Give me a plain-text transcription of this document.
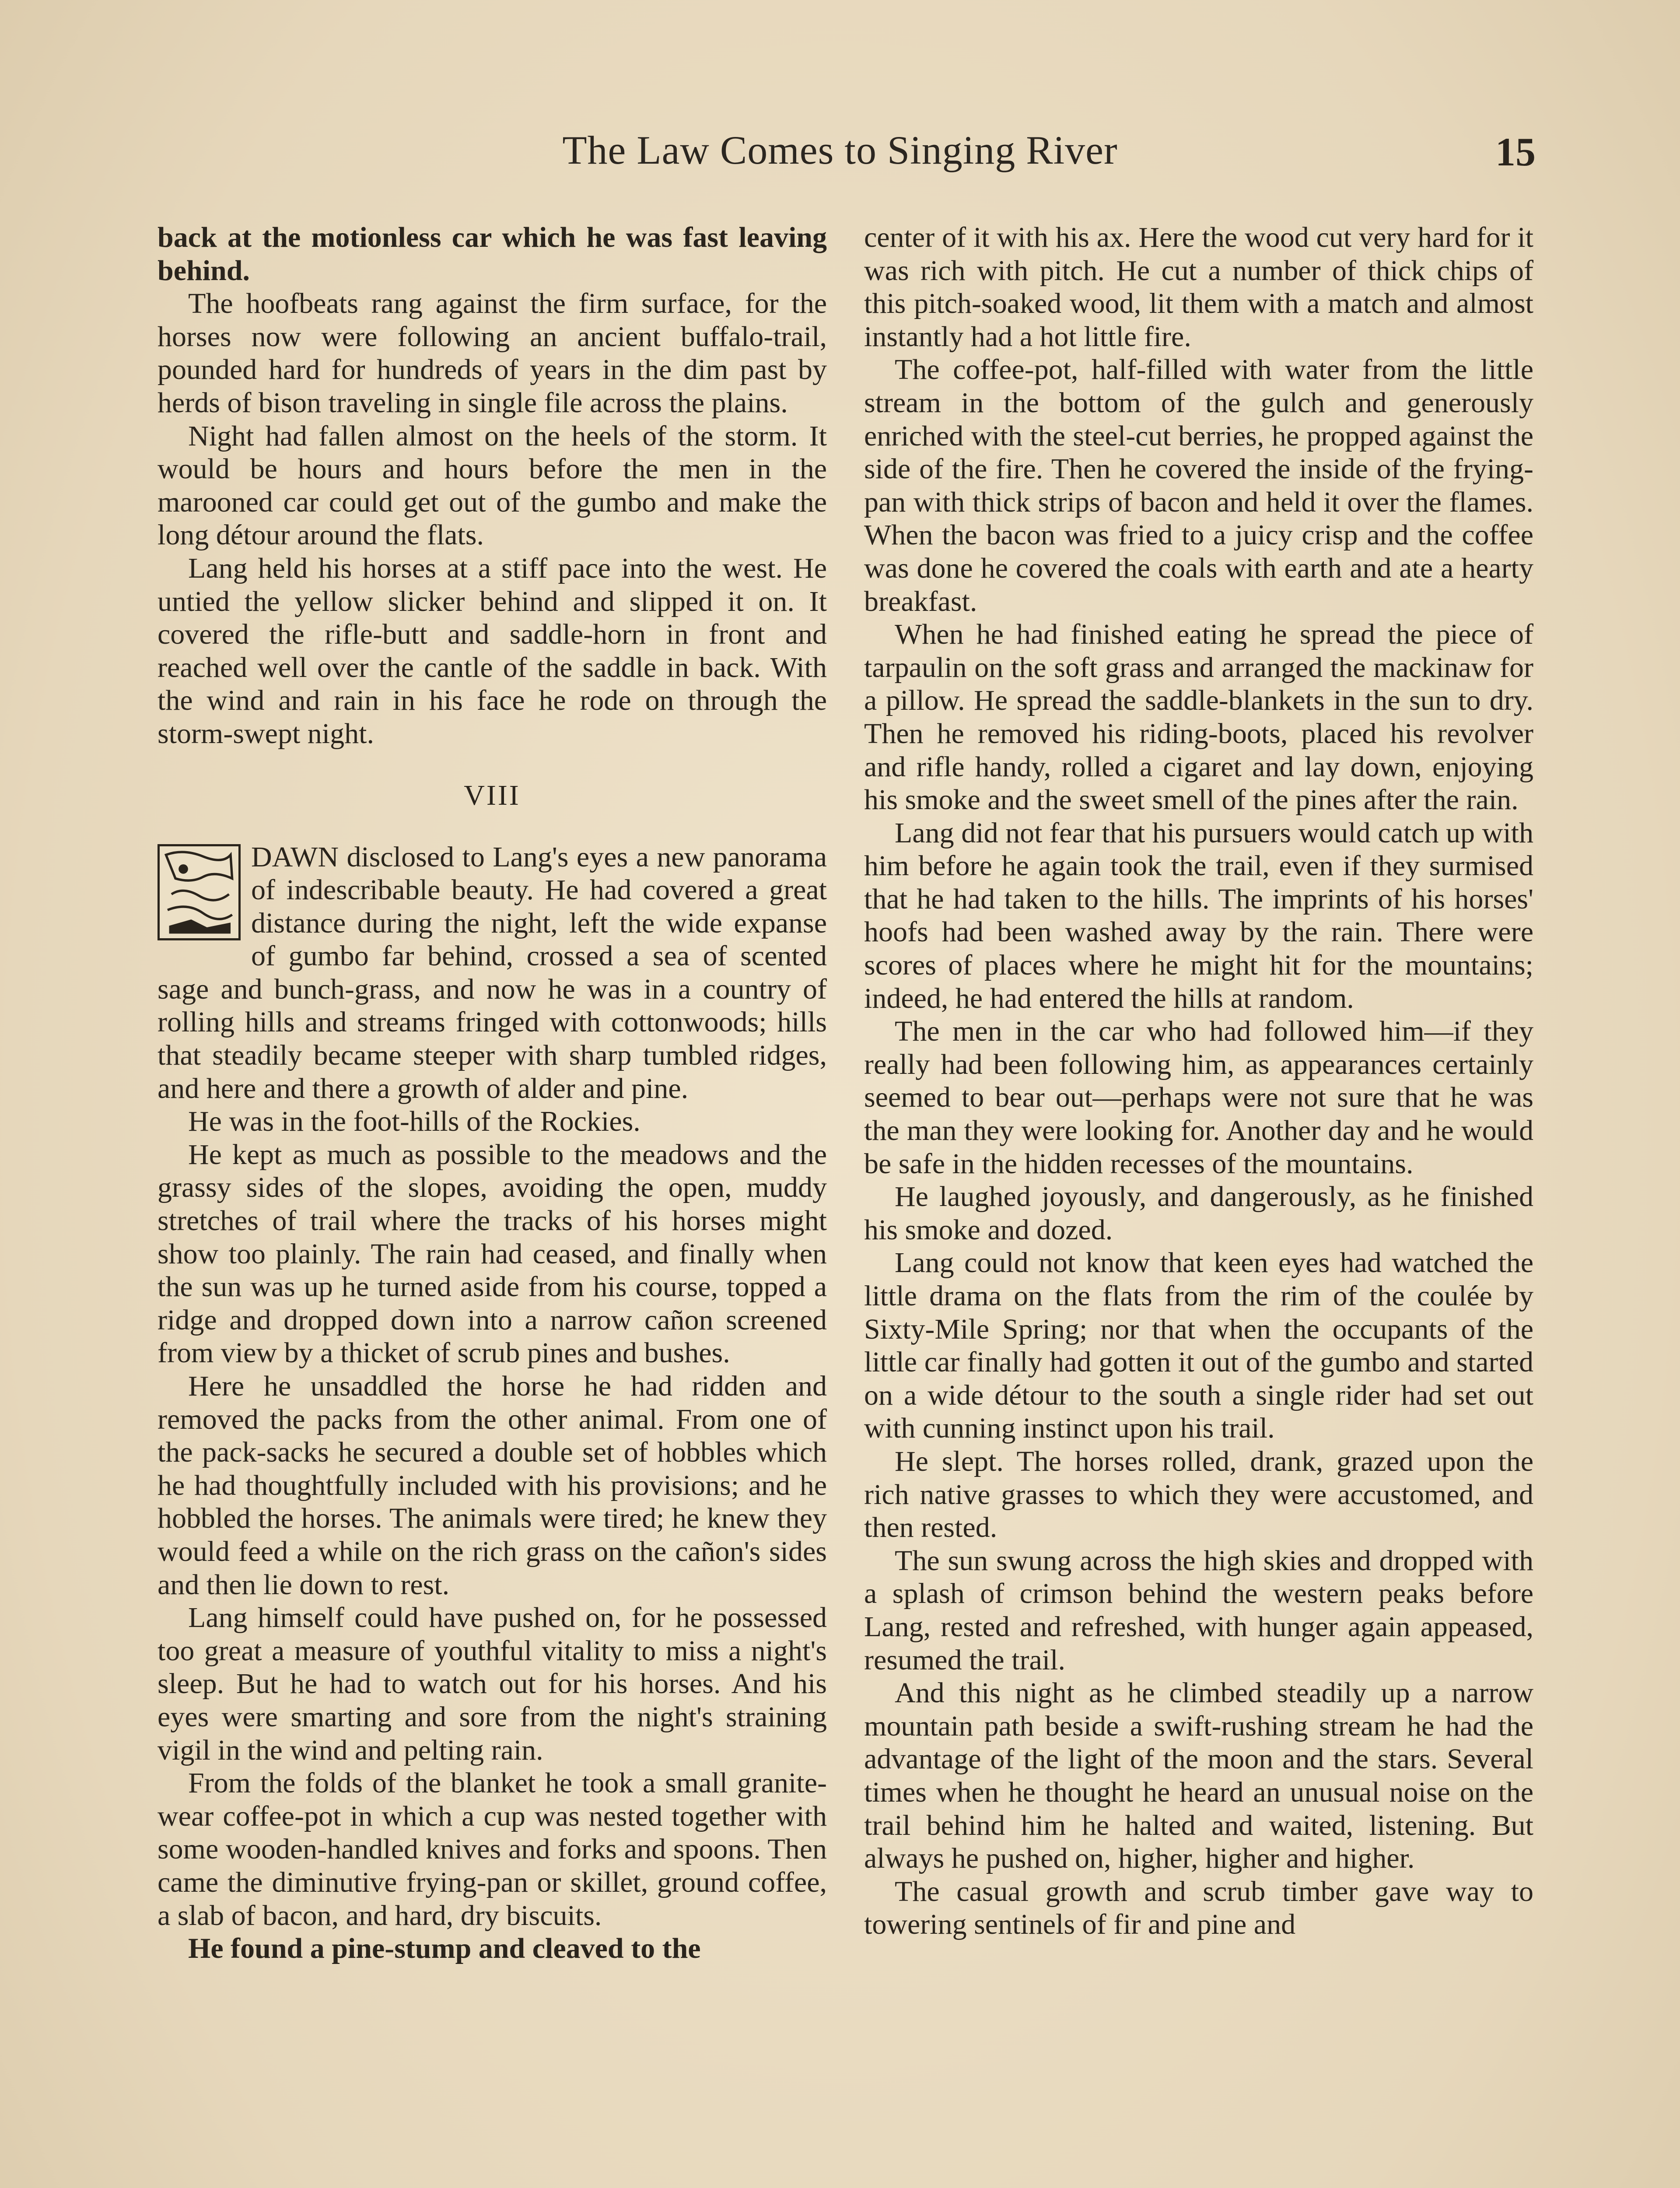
The Law Comes to Singing River	15

back at the motionless car which he was fast leaving behind.

The hoofbeats rang against the firm surface, for the horses now were following an ancient buffalo-trail, pounded hard for hundreds of years in the dim past by herds of bison traveling in single file across the plains.

Night had fallen almost on the heels of the storm. It would be hours and hours before the men in the marooned car could get out of the gumbo and make the long détour around the flats.

Lang held his horses at a stiff pace into the west. He untied the yellow slicker behind and slipped it on. It covered the rifle-butt and saddle-horn in front and reached well over the cantle of the saddle in back. With the wind and rain in his face he rode on through the storm-swept night.

VIII

DAWN disclosed to Lang's eyes a new panorama of indescribable beauty. He had covered a great distance during the night, left the wide expanse of gumbo far behind, crossed a sea of scented sage and bunch-grass, and now he was in a country of rolling hills and streams fringed with cottonwoods; hills that steadily became steeper with sharp tumbled ridges, and here and there a growth of alder and pine.

He was in the foot-hills of the Rockies.

He kept as much as possible to the meadows and the grassy sides of the slopes, avoiding the open, muddy stretches of trail where the tracks of his horses might show too plainly. The rain had ceased, and finally when the sun was up he turned aside from his course, topped a ridge and dropped down into a narrow cañon screened from view by a thicket of scrub pines and bushes.

Here he unsaddled the horse he had ridden and removed the packs from the other animal. From one of the pack-sacks he secured a double set of hobbles which he had thoughtfully included with his provisions; and he hobbled the horses. The animals were tired; he knew they would feed a while on the rich grass on the cañon's sides and then lie down to rest.

Lang himself could have pushed on, for he possessed too great a measure of youthful vitality to miss a night's sleep. But he had to watch out for his horses. And his eyes were smarting and sore from the night's straining vigil in the wind and pelting rain.

From the folds of the blanket he took a small granite-wear coffee-pot in which a cup was nested together with some wooden-handled knives and forks and spoons. Then came the diminutive frying-pan or skillet, ground coffee, a slab of bacon, and hard, dry biscuits.

He found a pine-stump and cleaved to the

center of it with his ax. Here the wood cut very hard for it was rich with pitch. He cut a number of thick chips of this pitch-soaked wood, lit them with a match and almost instantly had a hot little fire.

The coffee-pot, half-filled with water from the little stream in the bottom of the gulch and generously enriched with the steel-cut berries, he propped against the side of the fire. Then he covered the inside of the frying-pan with thick strips of bacon and held it over the flames. When the bacon was fried to a juicy crisp and the coffee was done he covered the coals with earth and ate a hearty breakfast.

When he had finished eating he spread the piece of tarpaulin on the soft grass and arranged the mackinaw for a pillow. He spread the saddle-blankets in the sun to dry. Then he removed his riding-boots, placed his revolver and rifle handy, rolled a cigaret and lay down, enjoying his smoke and the sweet smell of the pines after the rain.

Lang did not fear that his pursuers would catch up with him before he again took the trail, even if they surmised that he had taken to the hills. The imprints of his horses' hoofs had been washed away by the rain. There were scores of places where he might hit for the mountains; indeed, he had entered the hills at random.

The men in the car who had followed him—if they really had been following him, as appearances certainly seemed to bear out—perhaps were not sure that he was the man they were looking for. Another day and he would be safe in the hidden recesses of the mountains.

He laughed joyously, and dangerously, as he finished his smoke and dozed.

Lang could not know that keen eyes had watched the little drama on the flats from the rim of the coulée by Sixty-Mile Spring; nor that when the occupants of the little car finally had gotten it out of the gumbo and started on a wide détour to the south a single rider had set out with cunning instinct upon his trail.

He slept. The horses rolled, drank, grazed upon the rich native grasses to which they were accustomed, and then rested.

The sun swung across the high skies and dropped with a splash of crimson behind the western peaks before Lang, rested and refreshed, with hunger again appeased, resumed the trail.

And this night as he climbed steadily up a narrow mountain path beside a swift-rushing stream he had the advantage of the light of the moon and the stars. Several times when he thought he heard an unusual noise on the trail behind him he halted and waited, listening. But always he pushed on, higher, higher and higher.

The casual growth and scrub timber gave way to towering sentinels of fir and pine and
